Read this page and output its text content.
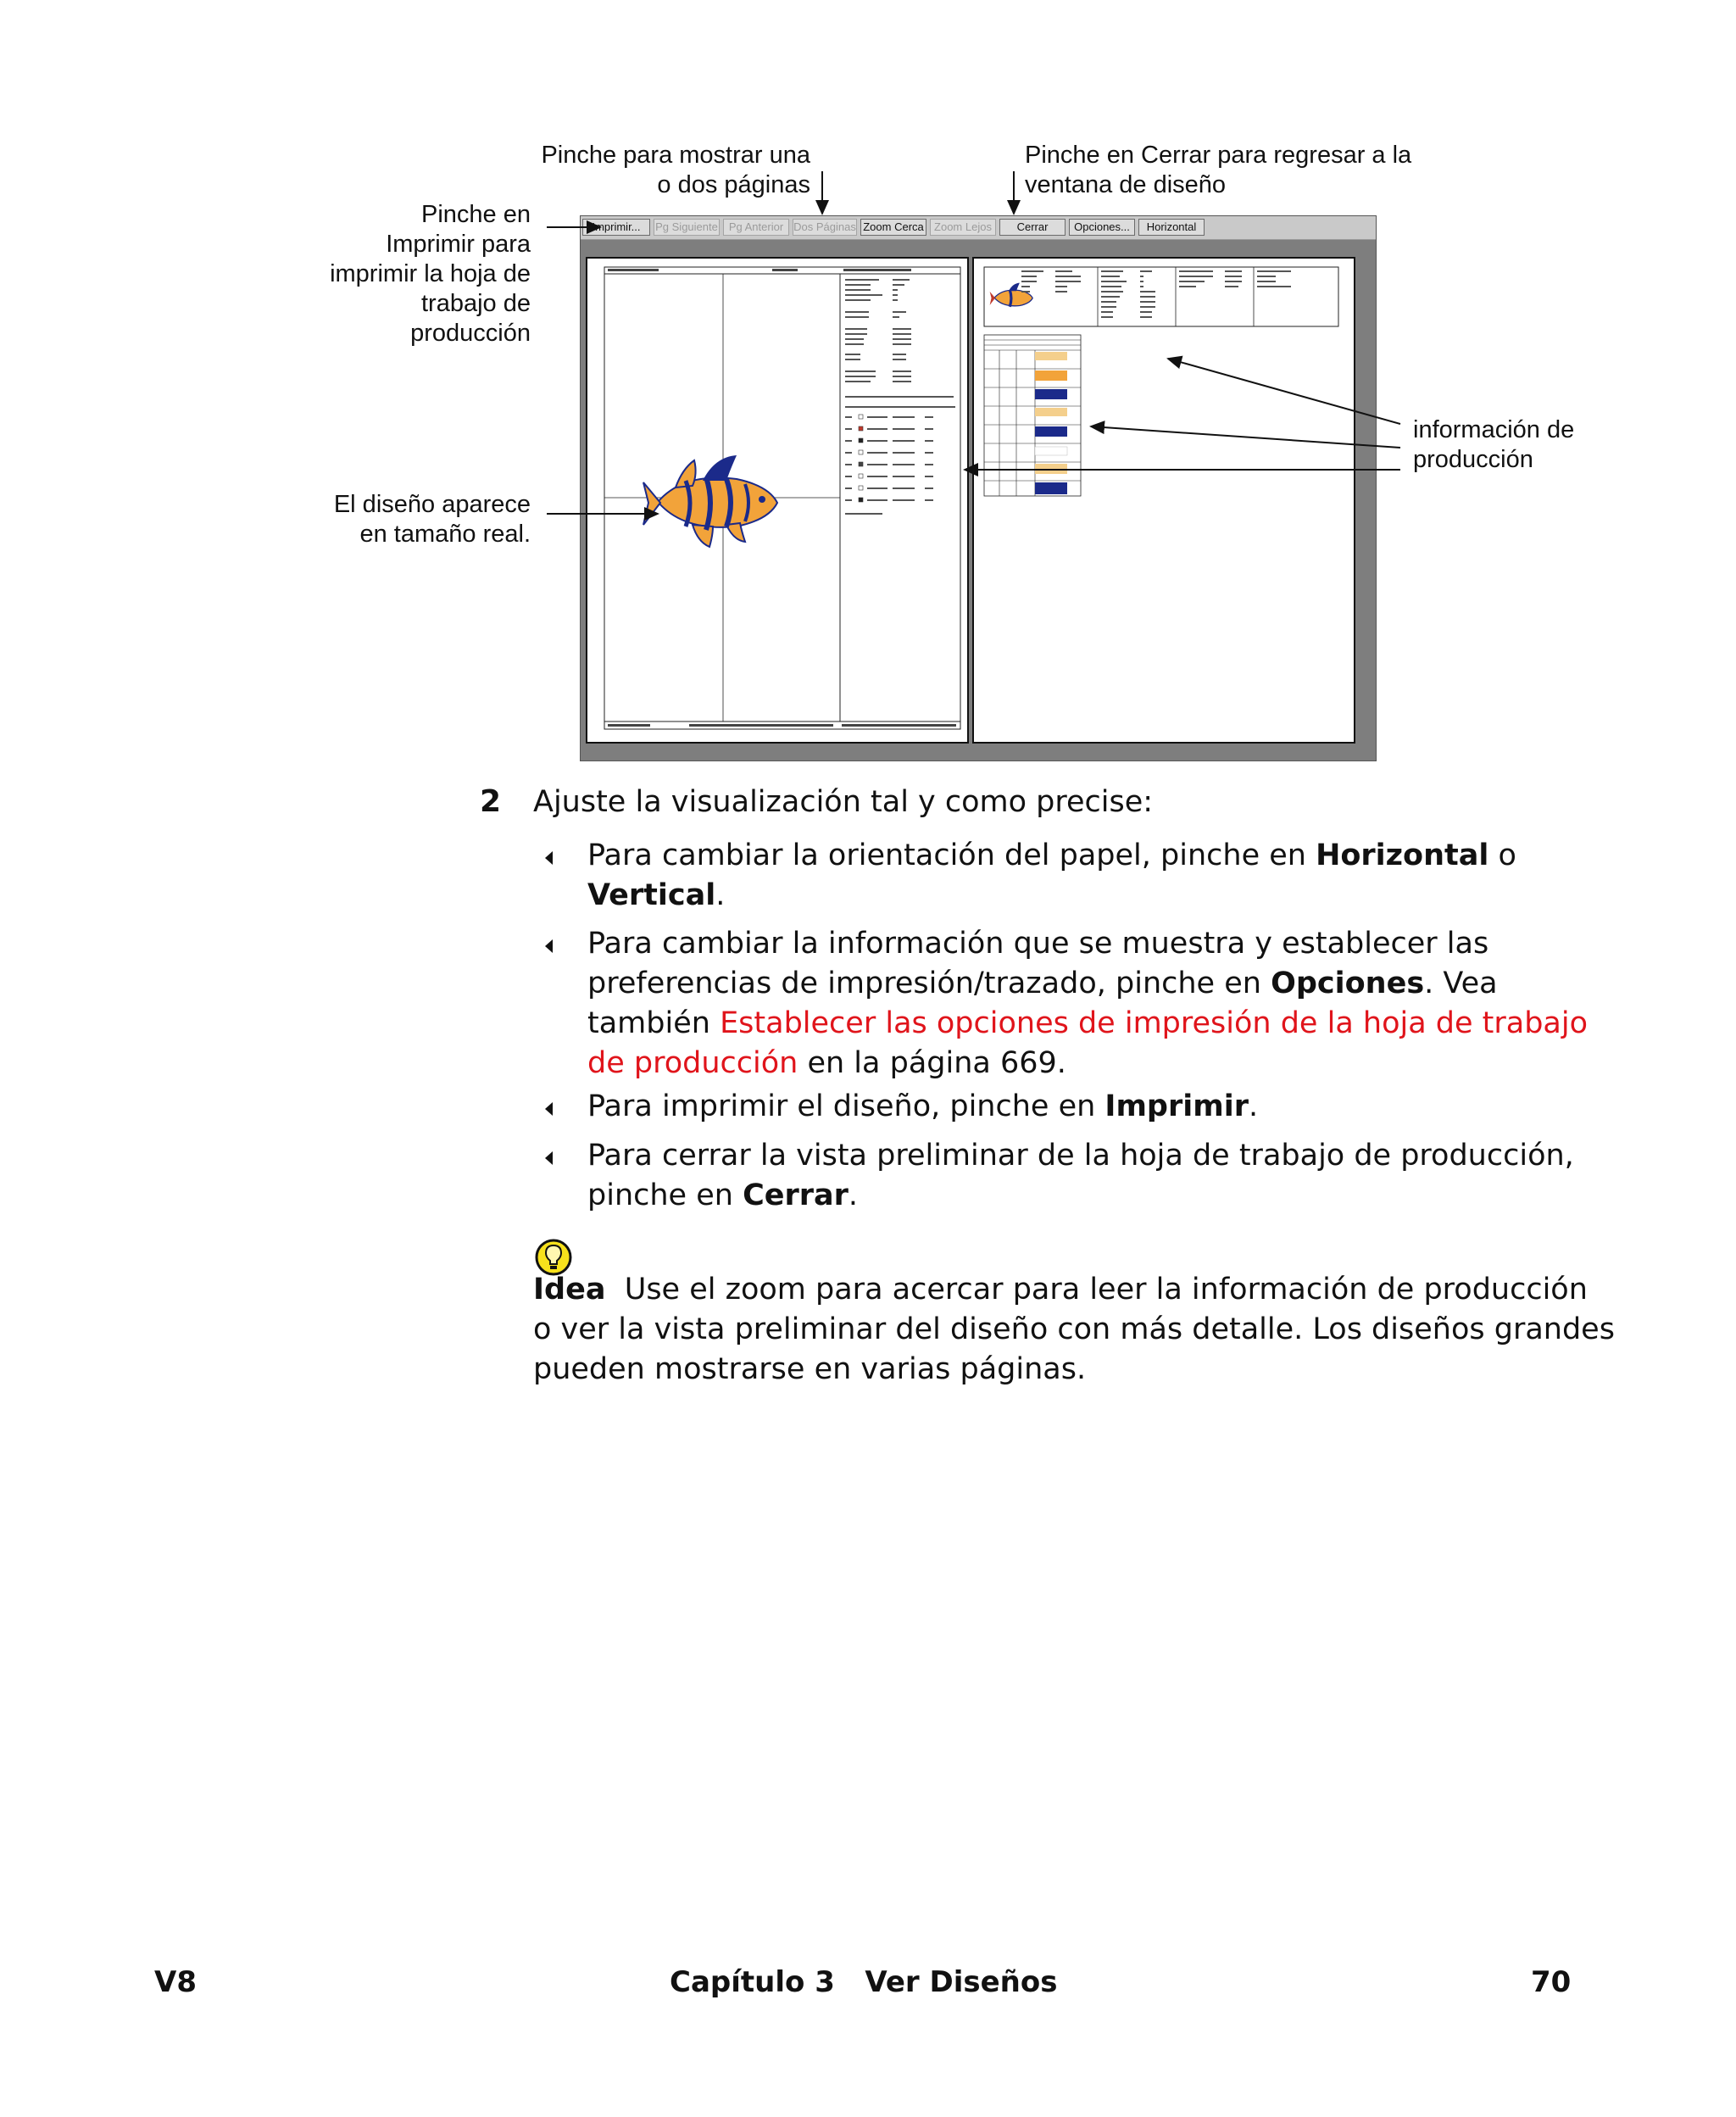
Pinche para mostrar una
o dos páginas
Pinche en Cerrar para regresar a la
ventana de diseño
Pinche en
Imprimir para
imprimir la hoja de
trabajo de
producción
El diseño aparece
en tamaño real.
información de
producción
Imprimir...	Pg Siguiente Pg Anterior Dos Páginas Zoom Cerca Zoom Lejos	Cerrar	Opciones...	Horizontal
2 Ajuste la visualización tal y como precise:
Para cambiar la orientación del papel, pinche en Horizontal o
Vertical.
Para cambiar la información que se muestra y establecer las
preferencias de impresión/trazado, pinche en Opciones. Vea
también Establecer las opciones de impresión de la hoja de trabajo
de producción en la página 669.
Para imprimir el diseño, pinche en Imprimir.
Para cerrar la vista preliminar de la hoja de trabajo de producción,
pinche en Cerrar.
Idea Use el zoom para acercar para leer la información de producción
o ver la vista preliminar del diseño con más detalle. Los diseños grandes
pueden mostrarse en varias páginas.
V8	Capítulo 3   Ver Diseños	70
